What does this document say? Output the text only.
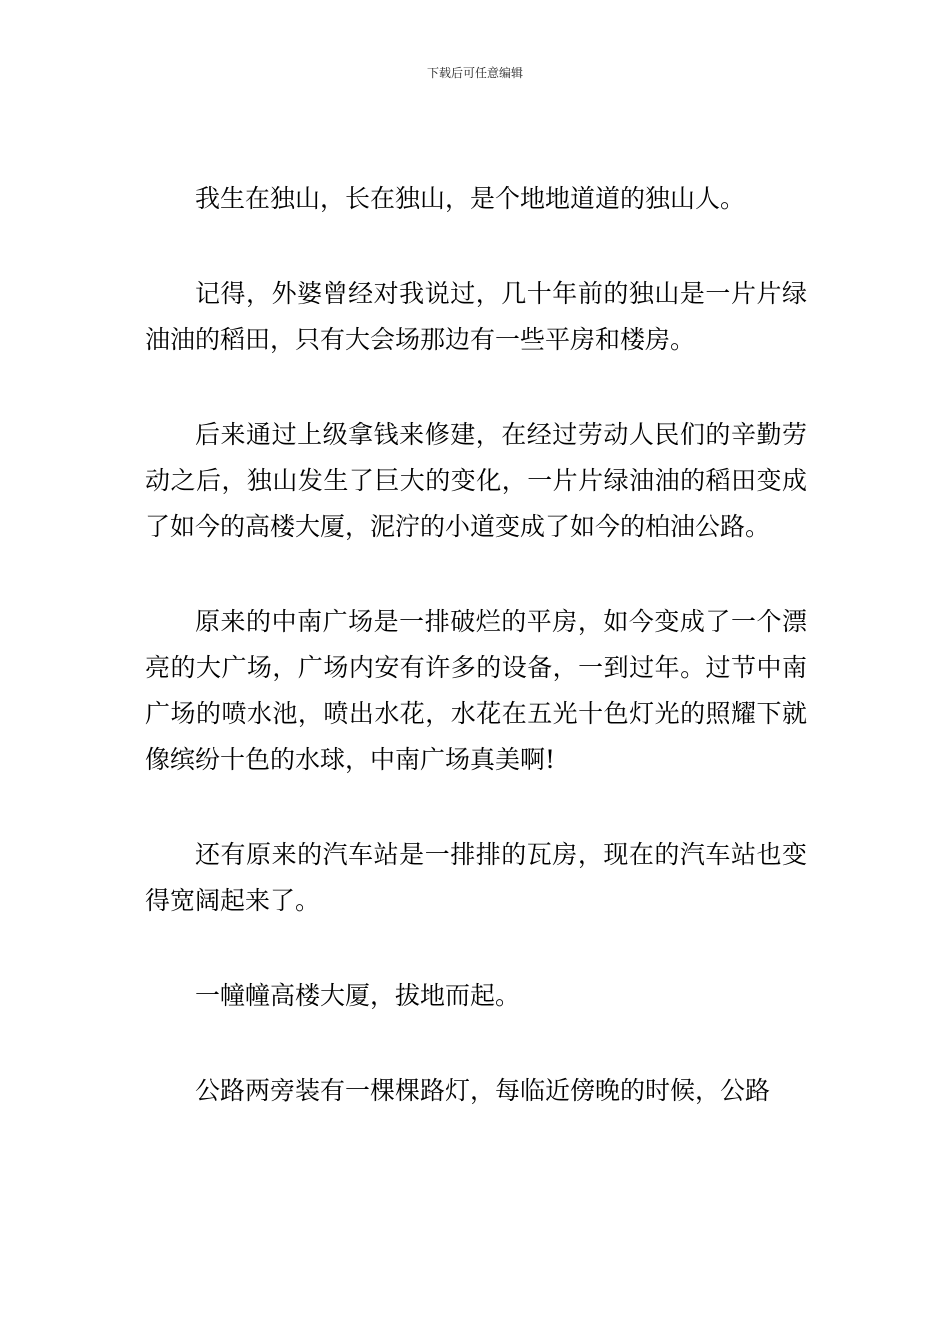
下载后可任意编辑

我生在独山，长在独山，是个地地道道的独山人。

记得，外婆曾经对我说过，几十年前的独山是一片片绿油油的稻田，只有大会场那边有一些平房和楼房。

后来通过上级拿钱来修建，在经过劳动人民们的辛勤劳动之后，独山发生了巨大的变化，一片片绿油油的稻田变成了如今的高楼大厦，泥泞的小道变成了如今的柏油公路。

原来的中南广场是一排破烂的平房，如今变成了一个漂亮的大广场，广场内安有许多的设备，一到过年。过节中南广场的喷水池，喷出水花，水花在五光十色灯光的照耀下就像缤纷十色的水球，中南广场真美啊!

还有原来的汽车站是一排排的瓦房，现在的汽车站也变得宽阔起来了。

一幢幢高楼大厦，拔地而起。

公路两旁装有一棵棵路灯，每临近傍晚的时候，公路
